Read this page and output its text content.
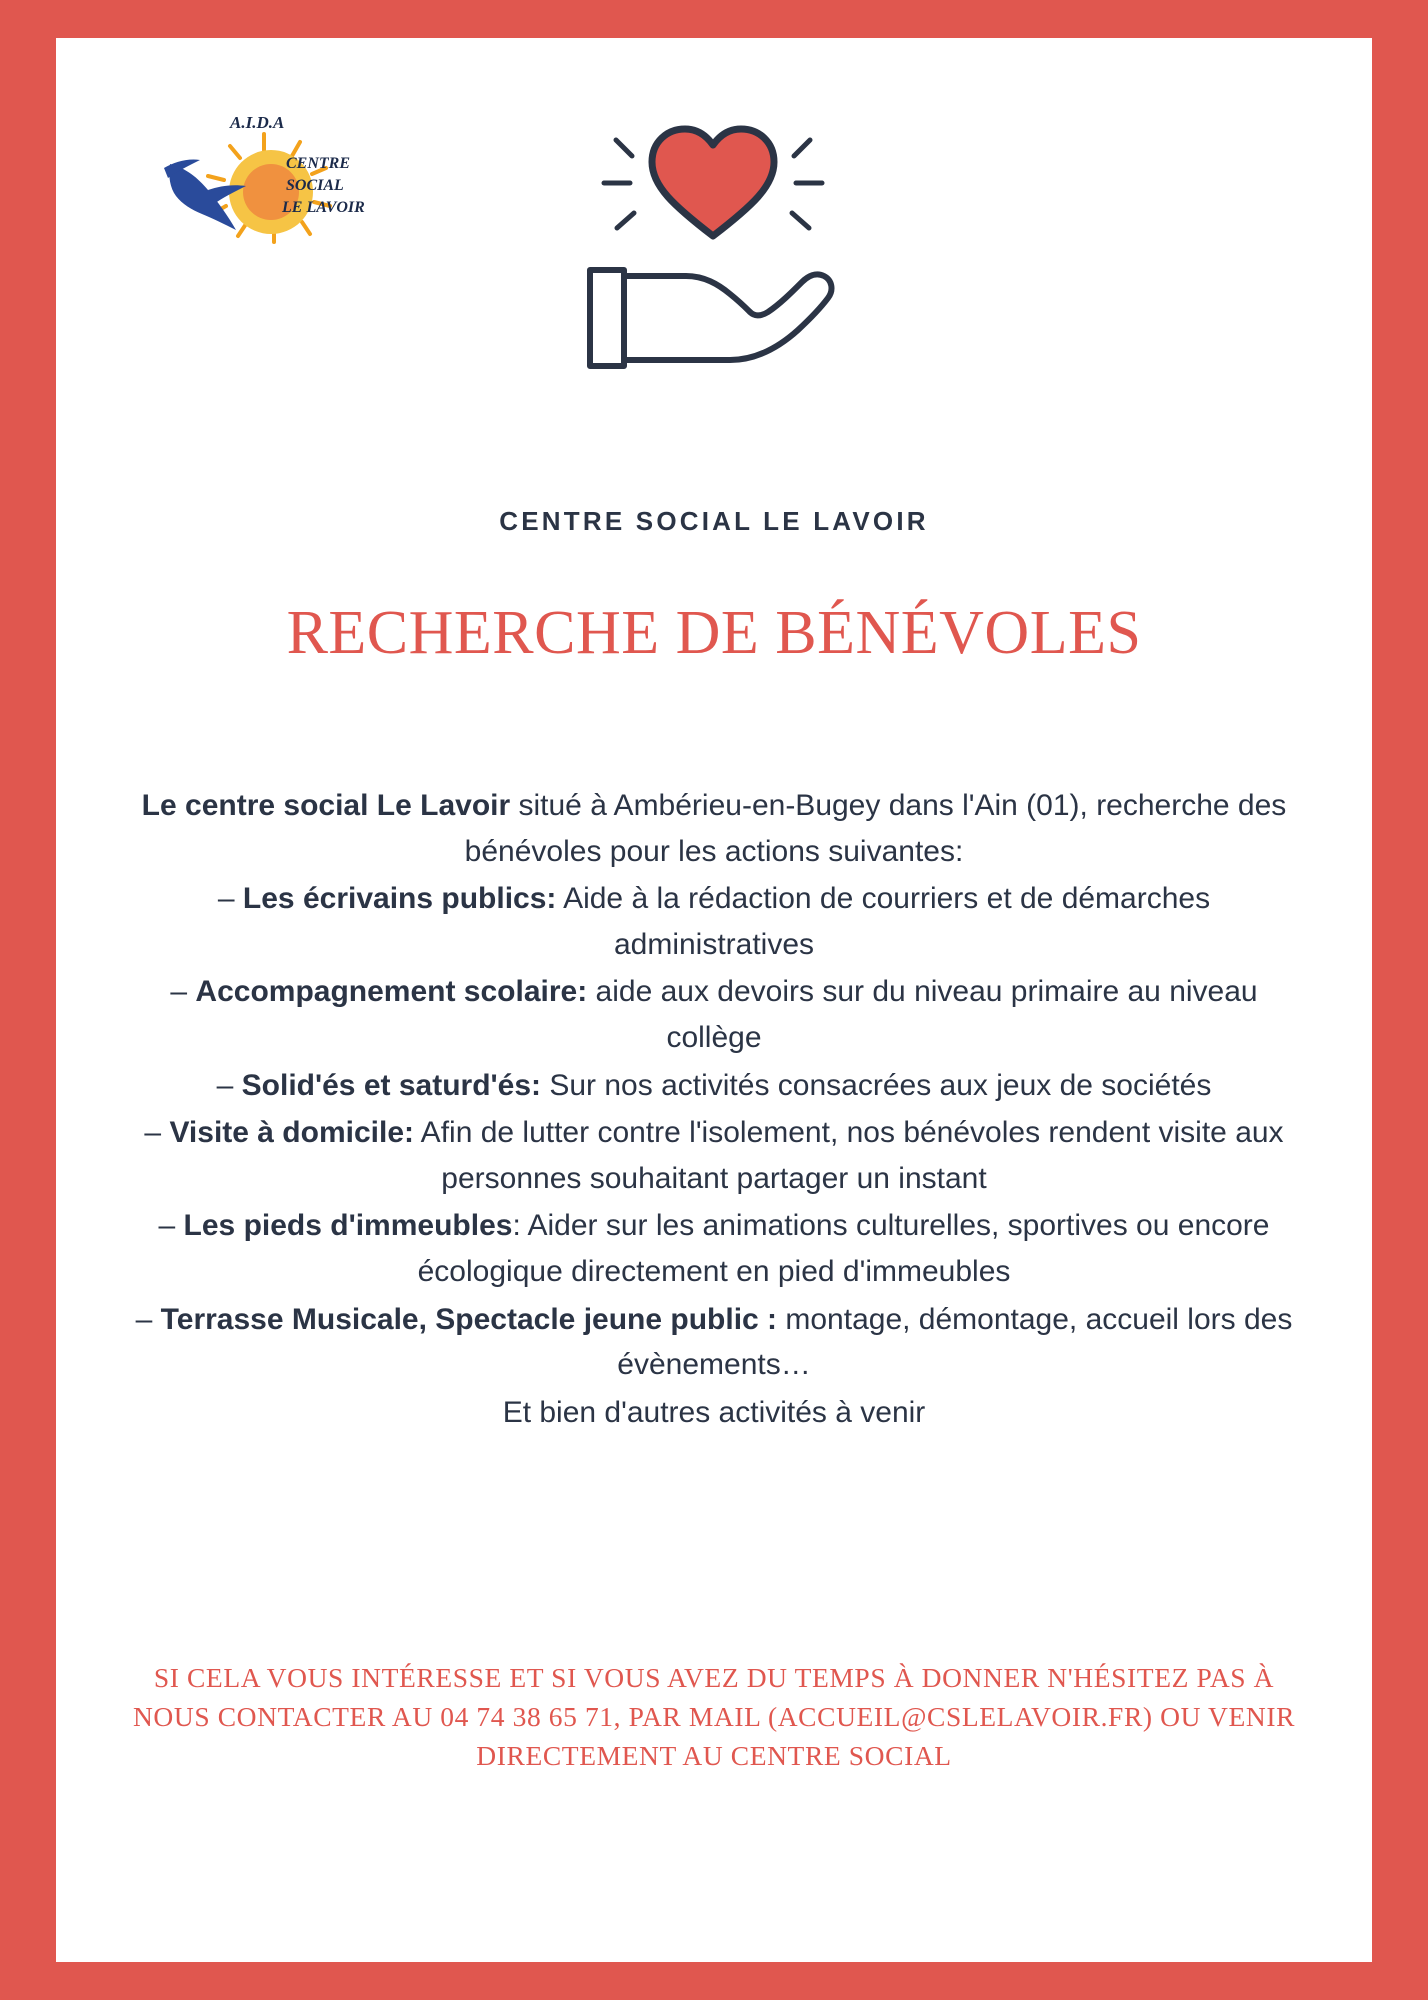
A.I.D.A
CENTRE
SOCIAL
LE LAVOIR
CENTRE SOCIAL LE LAVOIR
RECHERCHE DE BÉNÉVOLES

Le centre social Le Lavoir situé à Ambérieu-en-Bugey dans l'Ain (01), recherche des bénévoles pour les actions suivantes:

– Les écrivains publics: Aide à la rédaction de courriers et de démarches administratives

– Accompagnement scolaire: aide aux devoirs sur du niveau primaire au niveau collège

– Solid'és et saturd'és: Sur nos activités consacrées aux jeux de sociétés

– Visite à domicile: Afin de lutter contre l'isolement, nos bénévoles rendent visite aux personnes souhaitant partager un instant

– Les pieds d'immeubles: Aider sur les animations culturelles, sportives ou encore écologique directement en pied d'immeubles

– Terrasse Musicale, Spectacle jeune public : montage, démontage, accueil lors des évènements…

Et bien d'autres activités à venir

SI CELA VOUS INTÉRESSE ET SI VOUS AVEZ DU TEMPS À DONNER N'HÉSITEZ PAS À NOUS CONTACTER AU 04 74 38 65 71, PAR MAIL (ACCUEIL@CSLELAVOIR.FR) OU VENIR DIRECTEMENT AU CENTRE SOCIAL
